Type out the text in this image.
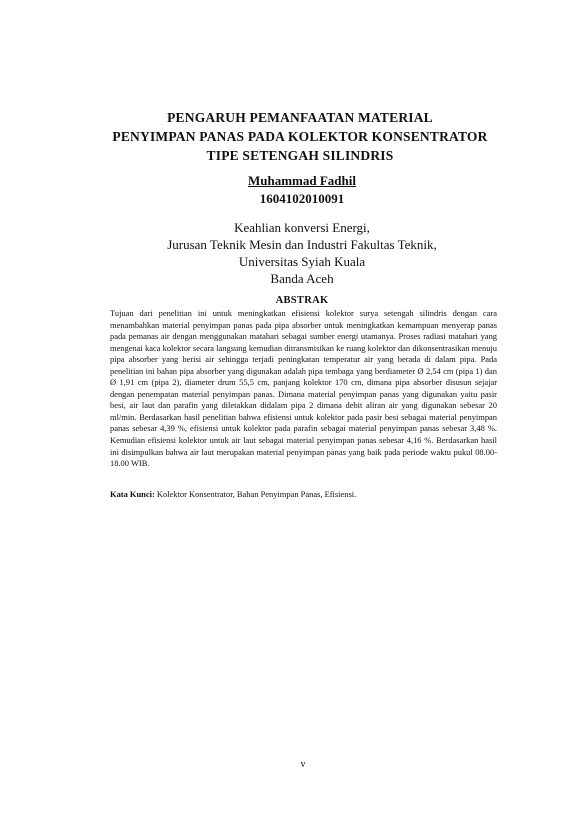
PENGARUH PEMANFAATAN MATERIAL
PENYIMPAN PANAS PADA KOLEKTOR KONSENTRATOR
TIPE SETENGAH SILINDRIS
Muhammad Fadhil
1604102010091
Keahlian konversi Energi,
Jurusan Teknik Mesin dan Industri Fakultas Teknik,
Universitas Syiah Kuala
Banda Aceh
ABSTRAK
Tujuan dari penelitian ini untuk meningkatkan efisiensi kolektor surya setengah silindris dengan cara menambahkan material penyimpan panas pada pipa absorber untuk meningkatkan kemampuan menyerap panas pada pemanas air dengan menggunakan matahari sebagai sumber energi utamanya. Proses radiasi matahari yang mengenai kaca kolektor secara langsung kemudian ditransmisikan ke ruang kolektor dan dikonsentrasikan menuju pipa absorber yang berisi air sehingga terjadi peningkatan temperatur air yang berada di dalam pipa. Pada penelitian ini bahan pipa absorber yang digunakan adalah pipa tembaga yang berdiameter Ø 2,54 cm (pipa 1) dan Ø 1,91 cm (pipa 2), diameter drum 55,5 cm, panjang kolektor 170 cm, dimana pipa absorber disusun sejajar dengan penempatan material penyimpan panas. Dimana material penyimpan panas yang digunakan yaitu pasir besi, air laut dan parafin yang diletakkan didalam pipa 2 dimana debit aliran air yang digunakan sebesar 20 ml/min. Berdasarkan hasil penelitian bahwa efisiensi untuk kolektor pada pasir besi sebagai material penyimpan panas sebesar 4,39 %, efisiensi untuk kolektor pada parafin sebagai material penyimpan panas sebesar 3,48 %. Kemudian efisiensi kolektor untuk air laut sebagai material penyimpan panas sebesar 4,16 %. Berdasarkan hasil ini disimpulkan bahwa air laut merupakan material penyimpan panas yang baik pada periode waktu pukul 08.00-18.00 WIB.
Kata Kunci: Kolektor Konsentrator, Bahan Penyimpan Panas, Efisiensi.
v
